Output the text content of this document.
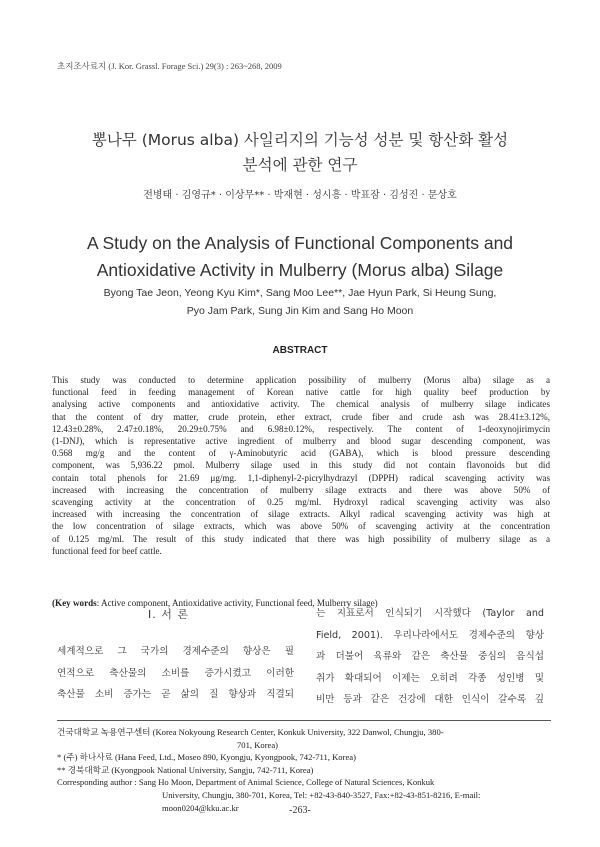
초지조사료지 (J. Kor. Grassl. Forage Sci.) 29(3) : 263~268, 2009
뽕나무 (Morus alba) 사일리지의 기능성 성분 및 항산화 활성
분석에 관한 연구
전병태 · 김영규* · 이상무** · 박재현 · 성시흥 · 박표잠 · 김성진 · 문상호
A Study on the Analysis of Functional Components and
Antioxidative Activity in Mulberry (Morus alba) Silage
Byong Tae Jeon, Yeong Kyu Kim*, Sang Moo Lee**, Jae Hyun Park, Si Heung Sung,
Pyo Jam Park, Sung Jin Kim and Sang Ho Moon
ABSTRACT
This study was conducted to determine application possibility of mulberry (Morus alba) silage as a
functional feed in feeding management of Korean native cattle for high quality beef production by
analysing active components and antioxidative activity. The chemical analysis of mulberry silage indicates
that the content of dry matter, crude protein, ether extract, crude fiber and crude ash was 28.41±3.12%,
12.43±0.28%, 2.47±0.18%, 20.29±0.75% and 6.98±0.12%, respectively. The content of 1-deoxynojirimycin
(1-DNJ), which is representative active ingredient of mulberry and blood sugar descending component, was
0.568 mg/g and the content of γ-Aminobutyric acid (GABA), which is blood pressure descending
component, was 5,936.22 pmol. Mulberry silage used in this study did not contain flavonoids but did
contain total phenols for 21.69 μg/mg. 1,1-diphenyl-2-picrylhydrazyl (DPPH) radical scavenging activity was
increased with increasing the concentration of mulberry silage extracts and there was above 50% of
scavenging activity at the concentration of 0.25 mg/ml. Hydroxyl radical scavenging activity was also
increased with increasing the concentration of silage extracts. Alkyl radical scavenging activity was high at
the low concentration of silage extracts, which was above 50% of scavenging activity at the concentration
of 0.125 mg/ml. The result of this study indicated that there was high possibility of mulberry silage as a
functional feed for beef cattle.
(Key words: Active component, Antioxidative activity, Functional feed, Mulberry silage)
I. 서 론
세계적으로 그 국가의 경제수준의 향상은 필
연적으로 축산물의 소비를 증가시켰고 이러한
축산물 소비 증가는 곧 삶의 질 향상과 직결되
는 지표로서 인식되기 시작했다 (Taylor and
Field, 2001). 우리나라에서도 경제수준의 향상
과 더불어 육류와 같은 축산물 중심의 음식섭
취가 확대되어 이제는 오히려 각종 성인병 및
비만 등과 같은 건강에 대한 인식이 갈수록 깊
건국대학교 녹용연구센터 (Korea Nokyoung Research Center, Konkuk University, 322 Danwol, Chungju, 380-
701, Korea)
* (주) 하나사료 (Hana Feed, Ltd., Moseo 890, Kyongju, Kyongpook, 742-711, Korea)
** 경북대학교 (Kyongpook National University, Sangju, 742-711, Korea)
Corresponding author : Sang Ho Moon, Department of Animal Science, College of Natural Sciences, Konkuk
University, Chungju, 380-701, Korea, Tel: +82-43-840-3527, Fax:+82-43-851-8216, E-mail:
moon0204@kku.ac.kr	-263-
